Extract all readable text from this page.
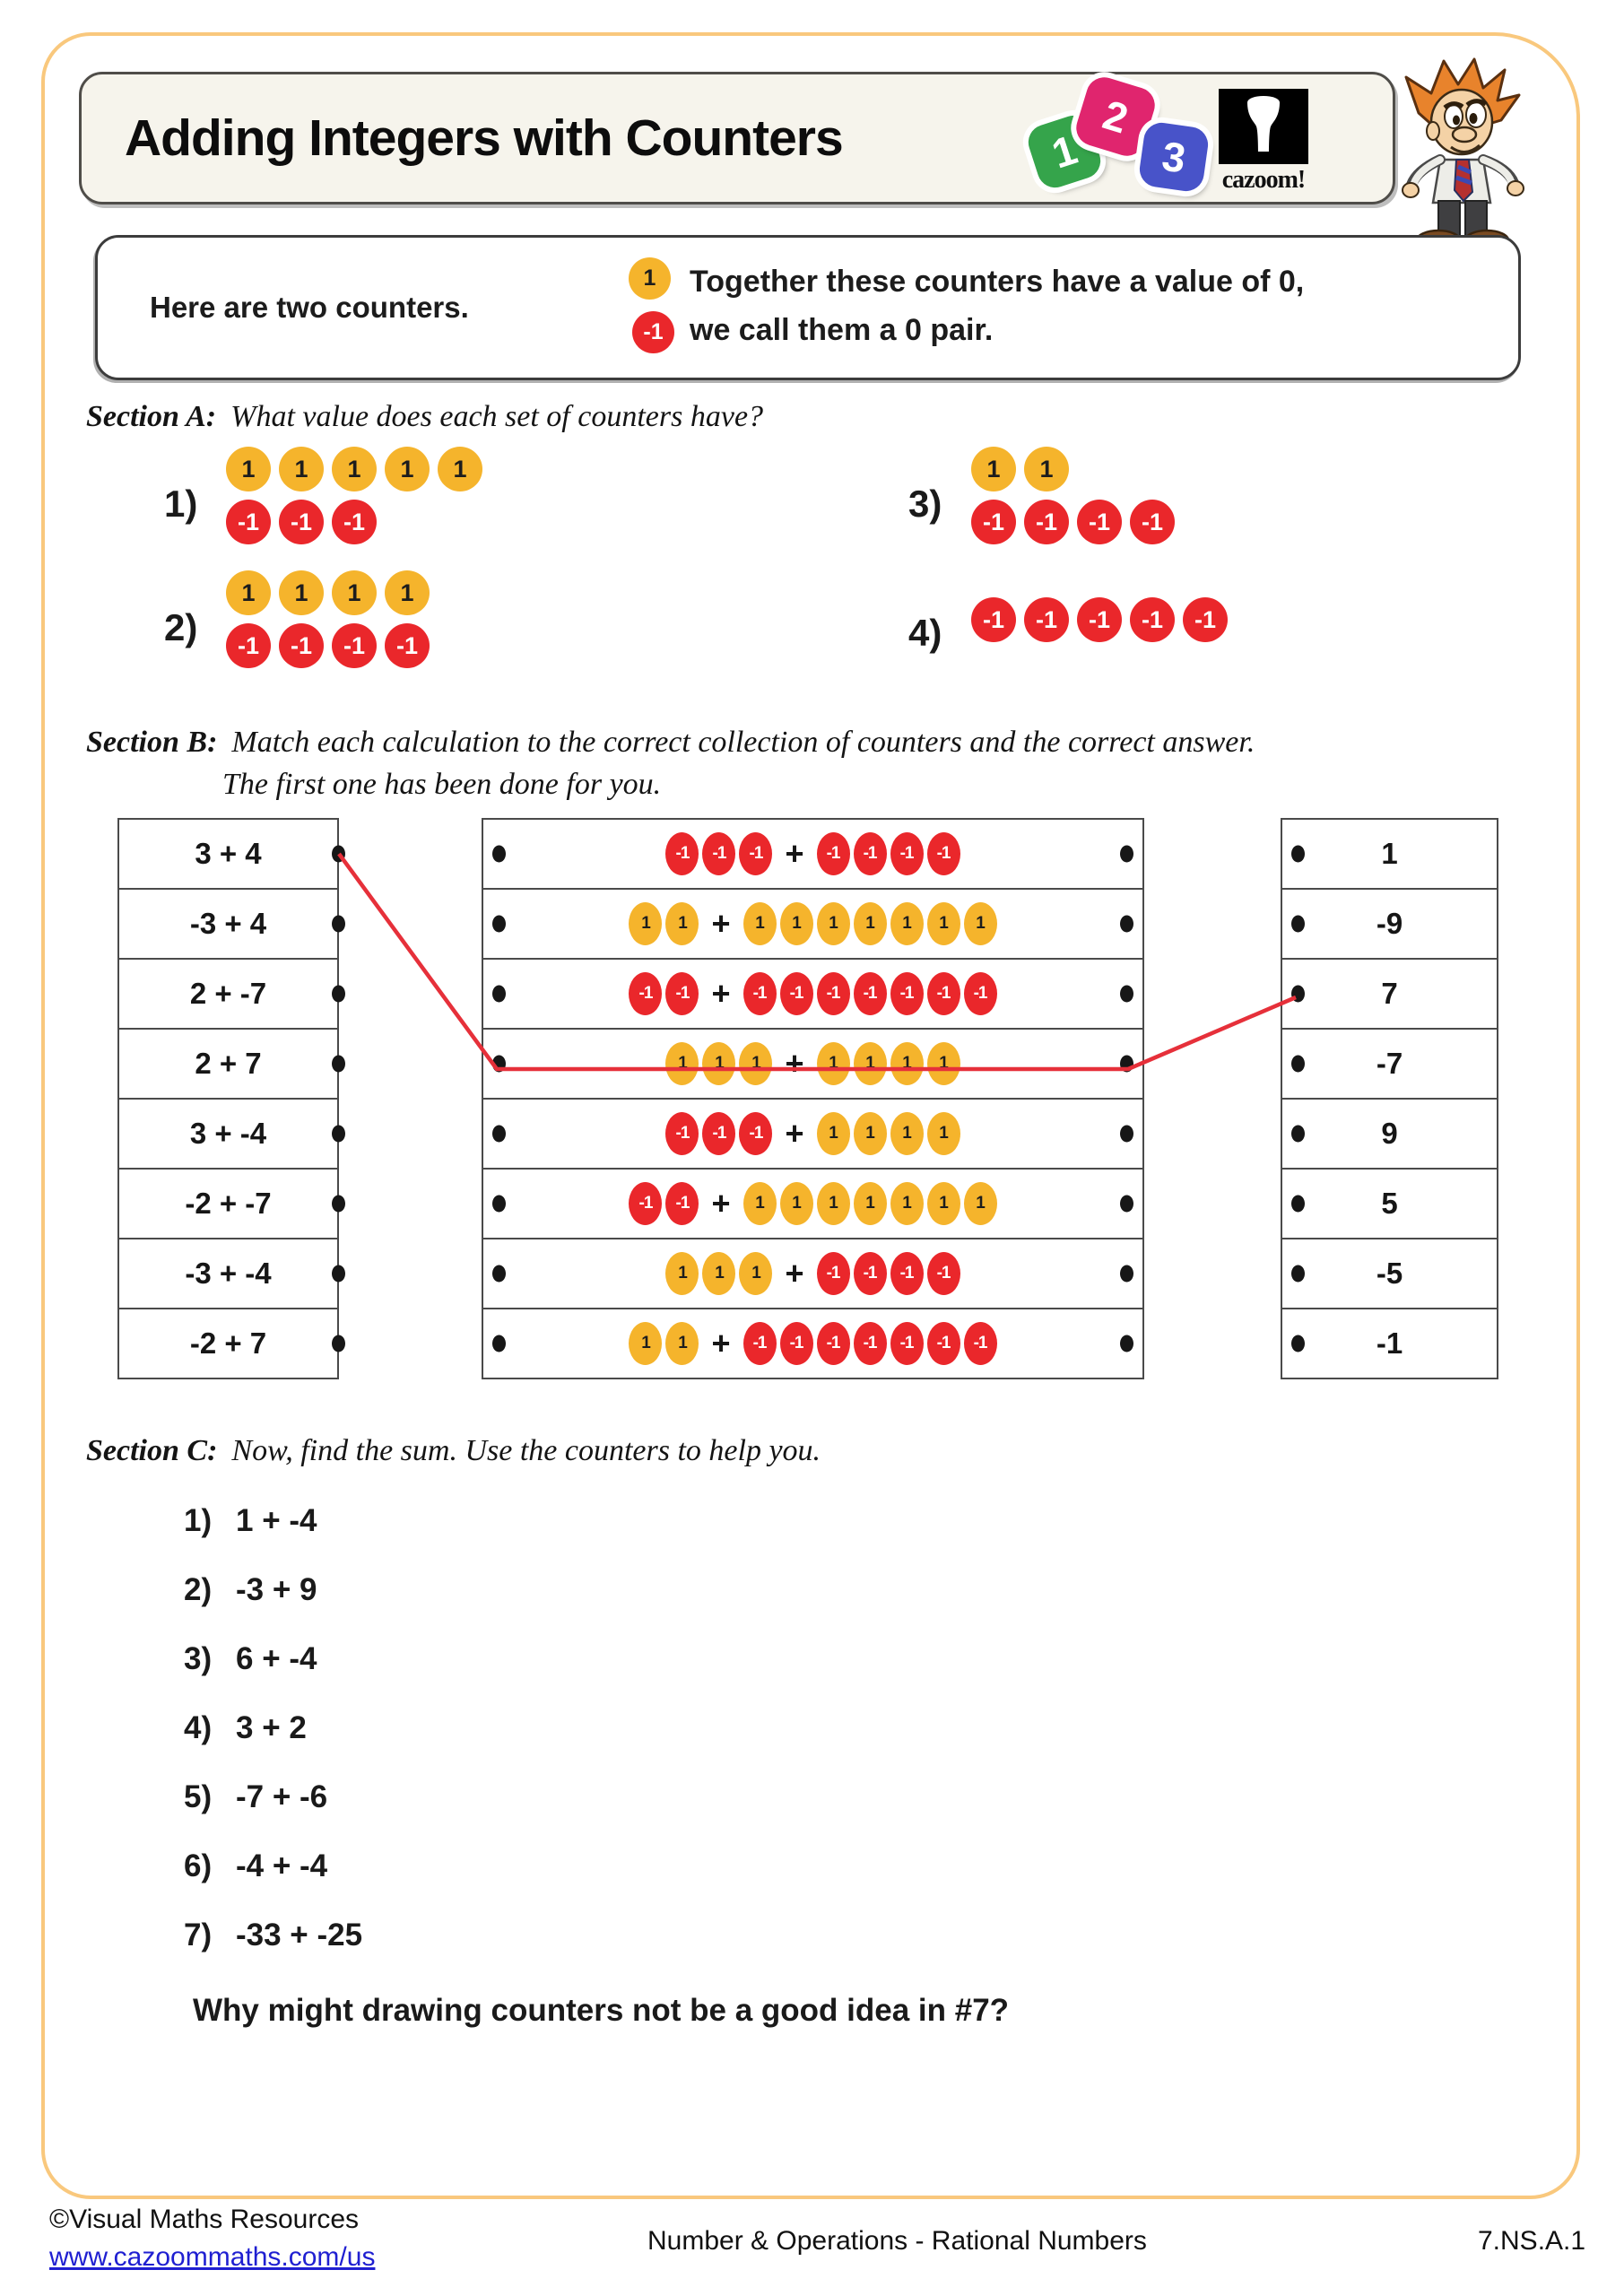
Adding Integers with Counters	1
2
3	cazoom!
Here are two counters.
1
-1
Together these counters have a value of 0,
we call them a 0 pair.
Section A: What value does each set of counters have?
1)
1	1	1	1	1
-1	-1	-1
2)
1	1	1	1
-1	-1	-1	-1
3)
1	1
-1	-1	-1	-1
4)	-1	-1	-1	-1	-1
Section B: Match each calculation to the correct collection of counters and the correct answer.
The first one has been done for you.
3 + 4
-3 + 4
2 + -7
2 + 7
3 + -4
-2 + -7
-3 + -4
-2 + 7
-1	-1	-1 +	-1	-1	-1	-1
1	1 +	1	1	1	1	1	1	1
-1	-1 +	-1	-1	-1	-1	-1	-1	-1
1	1	1 +	1	1	1	1
-1	-1	-1 +	1	1	1	1
-1	-1 +	1	1	1	1	1	1	1
1	1	1 +	-1	-1	-1	-1
1	1 +	-1	-1	-1	-1	-1	-1	-1
1
-9
7
-7
9
5
-5
-1
Section C: Now, find the sum. Use the counters to help you.
1) 1 + -4
2) -3 + 9
3) 6 + -4
4) 3 + 2
5) -7 + -6
6) -4 + -4
7) -33 + -25
Why might drawing counters not be a good idea in #7?
©Visual Maths Resources
www.cazoommaths.com/us
Number & Operations - Rational Numbers	7.NS.A.1
